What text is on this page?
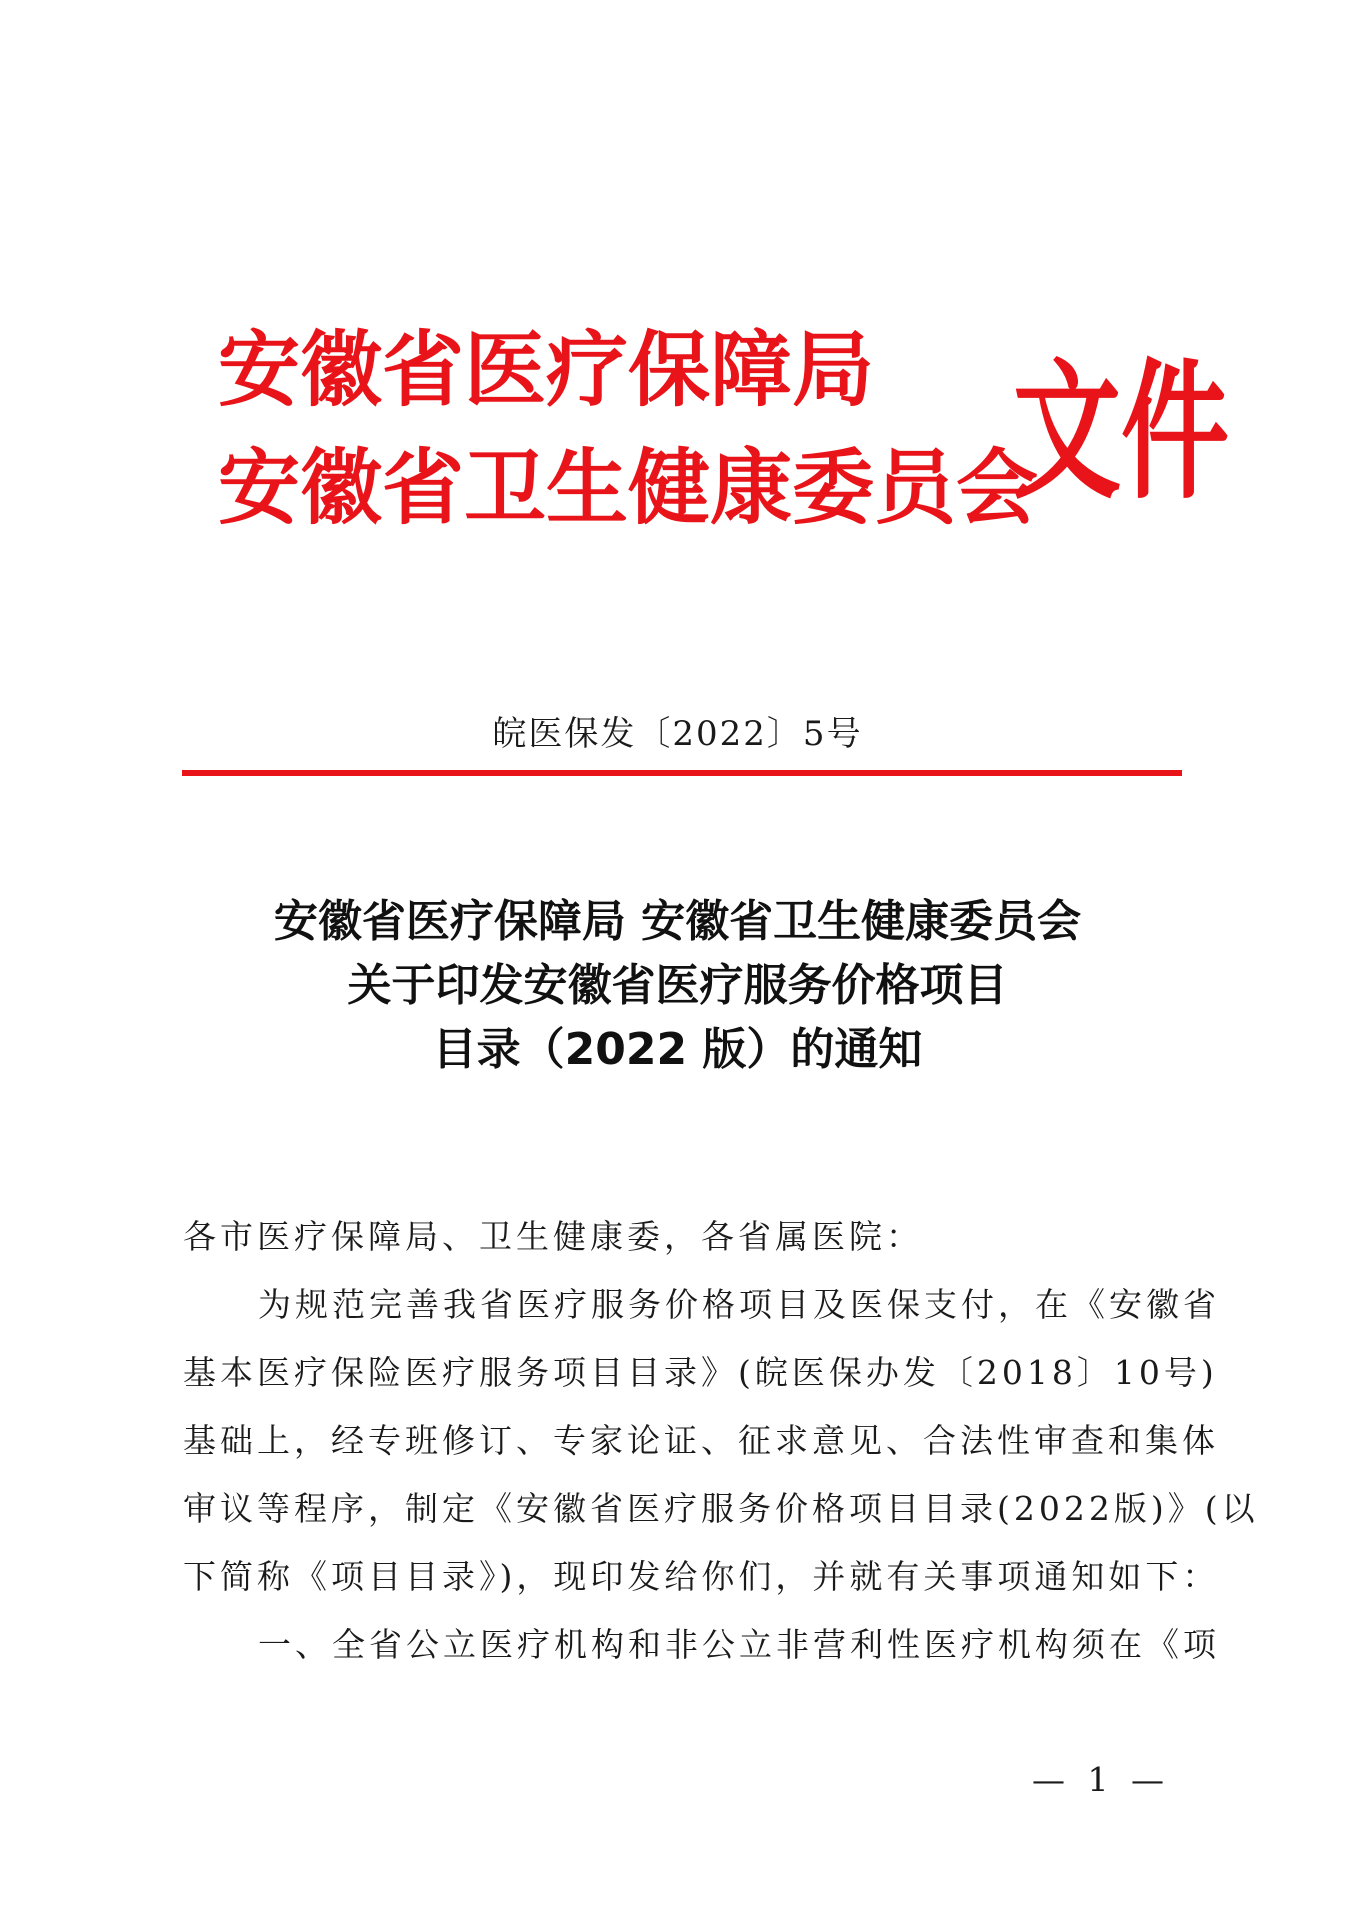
安徽省医疗保障局
安徽省卫生健康委员会
文件
皖医保发〔2022〕5号
安徽省医疗保障局 安徽省卫生健康委员会
关于印发安徽省医疗服务价格项目
目录（2022 版）的通知
各市医疗保障局、卫生健康委，各省属医院：
为规范完善我省医疗服务价格项目及医保支付，在《安徽省
基本医疗保险医疗服务项目目录》(皖医保办发〔2018〕10号)
基础上，经专班修订、专家论证、征求意见、合法性审查和集体
审议等程序，制定《安徽省医疗服务价格项目目录(2022版)》(以
下简称《项目目录》)，现印发给你们，并就有关事项通知如下：
一、全省公立医疗机构和非公立非营利性医疗机构须在《项
— 1 —
